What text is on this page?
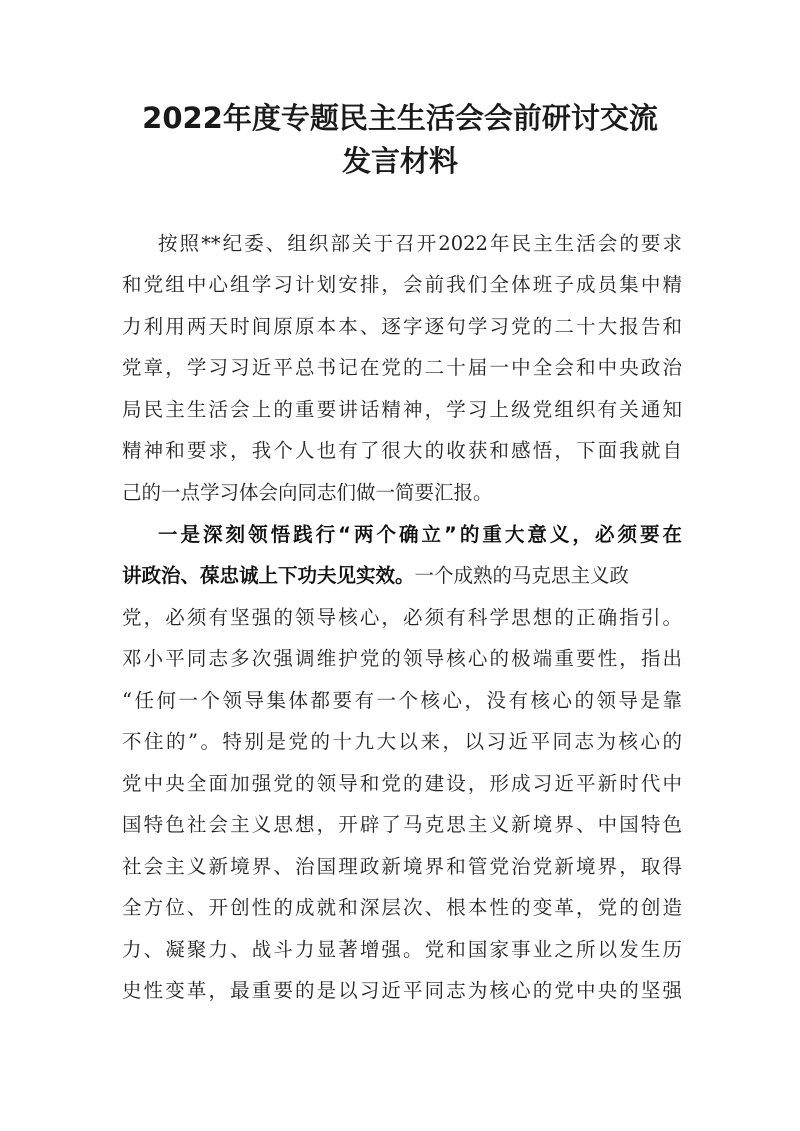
2022年度专题民主生活会会前研讨交流
发言材料
按照**纪委、组织部关于召开2022年民主生活会的要求
和党组中心组学习计划安排，会前我们全体班子成员集中精
力利用两天时间原原本本、逐字逐句学习党的二十大报告和
党章，学习习近平总书记在党的二十届一中全会和中央政治
局民主生活会上的重要讲话精神，学习上级党组织有关通知
精神和要求，我个人也有了很大的收获和感悟，下面我就自
己的一点学习体会向同志们做一简要汇报。
一是深刻领悟践行“两个确立”的重大意义，必须要在
讲政治、葆忠诚上下功夫见实效。一个成熟的马克思主义政
党，必须有坚强的领导核心，必须有科学思想的正确指引。
邓小平同志多次强调维护党的领导核心的极端重要性，指出
“任何一个领导集体都要有一个核心，没有核心的领导是靠
不住的”。特别是党的十九大以来，以习近平同志为核心的
党中央全面加强党的领导和党的建设，形成习近平新时代中
国特色社会主义思想，开辟了马克思主义新境界、中国特色
社会主义新境界、治国理政新境界和管党治党新境界，取得
全方位、开创性的成就和深层次、根本性的变革，党的创造
力、凝聚力、战斗力显著增强。党和国家事业之所以发生历
史性变革，最重要的是以习近平同志为核心的党中央的坚强
